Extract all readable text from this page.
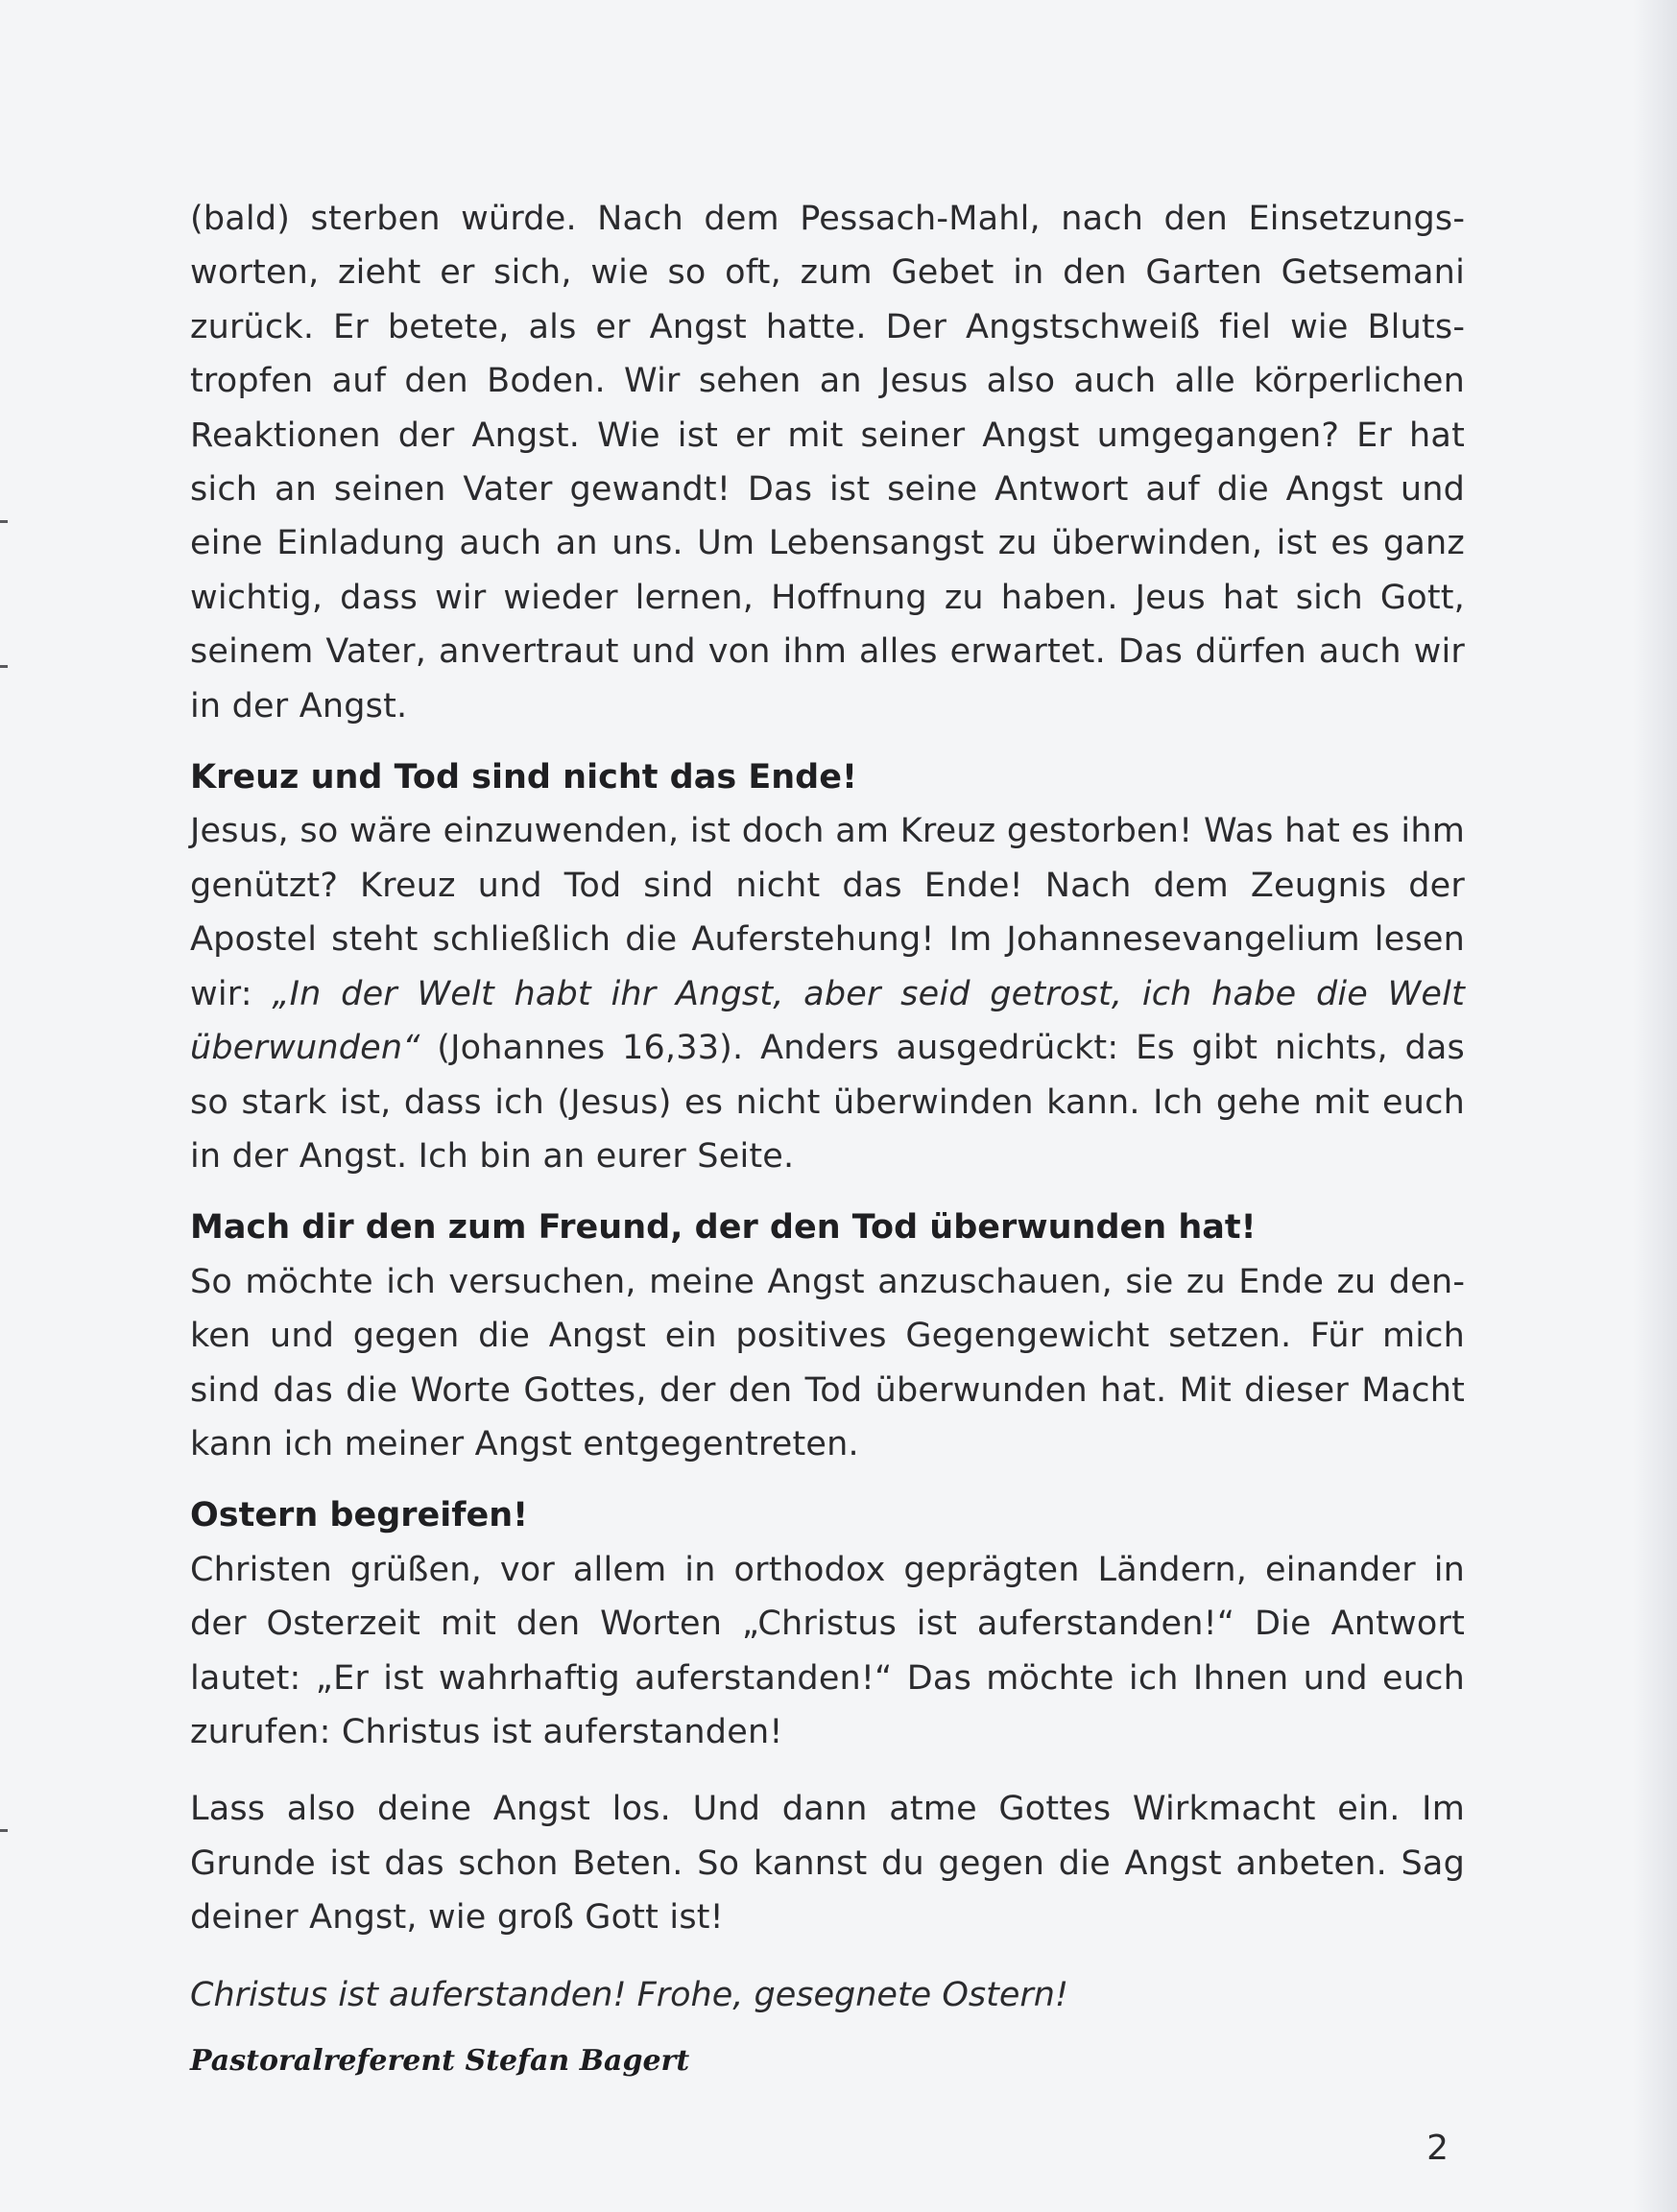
(bald) sterben würde. Nach dem Pessach-Mahl, nach den Einsetzungsworten, zieht er sich, wie so oft, zum Gebet in den Garten Getsemani zurück. Er betete, als er Angst hatte. Der Angstschweiß fiel wie Blutstropfen auf den Boden. Wir sehen an Jesus also auch alle körperlichen Reaktionen der Angst. Wie ist er mit seiner Angst umgegangen? Er hat sich an seinen Vater gewandt! Das ist seine Antwort auf die Angst und eine Einladung auch an uns. Um Lebensangst zu überwinden, ist es ganz wichtig, dass wir wieder lernen, Hoffnung zu haben. Jeus hat sich Gott, seinem Vater, anvertraut und von ihm alles erwartet. Das dürfen auch wir in der Angst.

Kreuz und Tod sind nicht das Ende!

Jesus, so wäre einzuwenden, ist doch am Kreuz gestorben! Was hat es ihm genützt? Kreuz und Tod sind nicht das Ende! Nach dem Zeugnis der Apostel steht schließlich die Auferstehung! Im Johannesevangelium lesen wir: „In der Welt habt ihr Angst, aber seid getrost, ich habe die Welt überwunden“ (Johannes 16,33). Anders ausgedrückt: Es gibt nichts, das so stark ist, dass ich (Jesus) es nicht überwinden kann. Ich gehe mit euch in der Angst. Ich bin an eurer Seite.

Mach dir den zum Freund, der den Tod überwunden hat!

So möchte ich versuchen, meine Angst anzuschauen, sie zu Ende zu denken und gegen die Angst ein positives Gegengewicht setzen. Für mich sind das die Worte Gottes, der den Tod überwunden hat. Mit dieser Macht kann ich meiner Angst entgegentreten.

Ostern begreifen!

Christen grüßen, vor allem in orthodox geprägten Ländern, einander in der Osterzeit mit den Worten „Christus ist auferstanden!“ Die Antwort lautet: „Er ist wahrhaftig auferstanden!“ Das möchte ich Ihnen und euch zurufen: Christus ist auferstanden!

Lass also deine Angst los. Und dann atme Gottes Wirkmacht ein. Im Grunde ist das schon Beten. So kannst du gegen die Angst anbeten. Sag deiner Angst, wie groß Gott ist!

Christus ist auferstanden! Frohe, gesegnete Ostern!

Pastoralreferent Stefan Bagert

2
